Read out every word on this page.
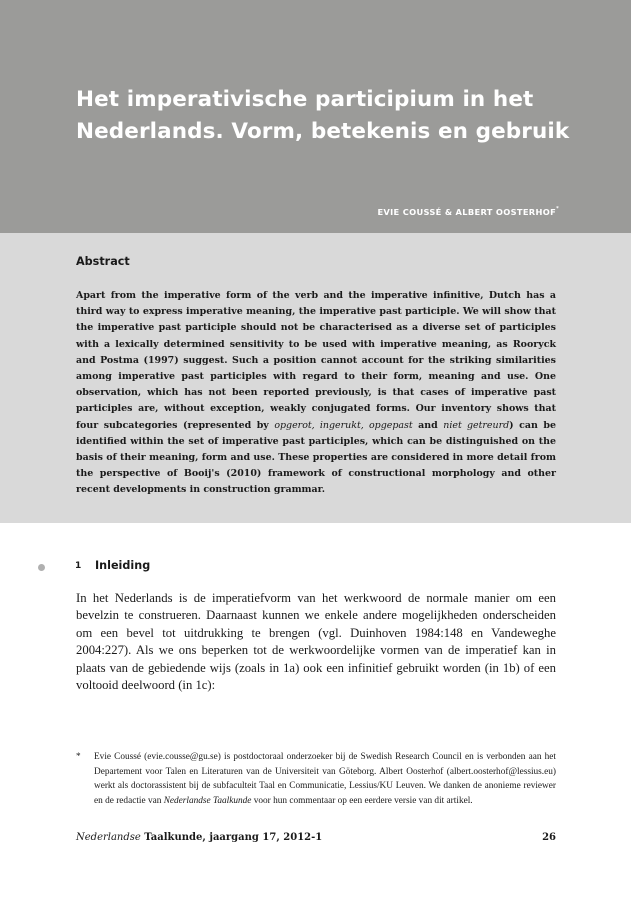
Het imperativische participium in het
Nederlands. Vorm, betekenis en gebruik
EVIE COUSSÉ & ALBERT OOSTERHOF*
Abstract

Apart from the imperative form of the verb and the imperative infinitive, Dutch has a third way to express imperative meaning, the imperative past participle. We will show that the imperative past participle should not be characterised as a diverse set of participles with a lexically determined sensitivity to be used with imperative meaning, as Rooryck and Postma (1997) suggest. Such a position cannot account for the striking similarities among imperative past participles with regard to their form, meaning and use. One observation, which has not been reported previously, is that cases of imperative past participles are, without exception, weakly conjugated forms. Our inventory shows that four subcategories (represented by opgerot, ingerukt, opgepast and niet getreurd) can be identified within the set of imperative past participles, which can be distinguished on the basis of their meaning, form and use. These properties are considered in more detail from the perspective of Booij's (2010) framework of constructional morphology and other recent developments in construction grammar.

1 Inleiding

In het Nederlands is de imperatiefvorm van het werkwoord de normale manier om een bevelzin te construeren. Daarnaast kunnen we enkele andere mogelijkheden onderscheiden om een bevel tot uitdrukking te brengen (vgl. Duinhoven 1984:148 en Vandeweghe 2004:227). Als we ons beperken tot de werkwoordelijke vormen van de imperatief kan in plaats van de gebiedende wijs (zoals in 1a) ook een infinitief gebruikt worden (in 1b) of een voltooid deelwoord (in 1c):

* Evie Coussé (evie.cousse@gu.se) is postdoctoraal onderzoeker bij de Swedish Research Council en is verbonden aan het Departement voor Talen en Literaturen van de Universiteit van Göteborg. Albert Oosterhof (albert.oosterhof@lessius.eu) werkt als doctorassistent bij de subfaculteit Taal en Communicatie, Lessius/KU Leuven. We danken de anonieme reviewer en de redactie van Nederlandse Taalkunde voor hun commentaar op een eerdere versie van dit artikel.
Nederlandse Taalkunde, jaargang 17, 2012-1	26
